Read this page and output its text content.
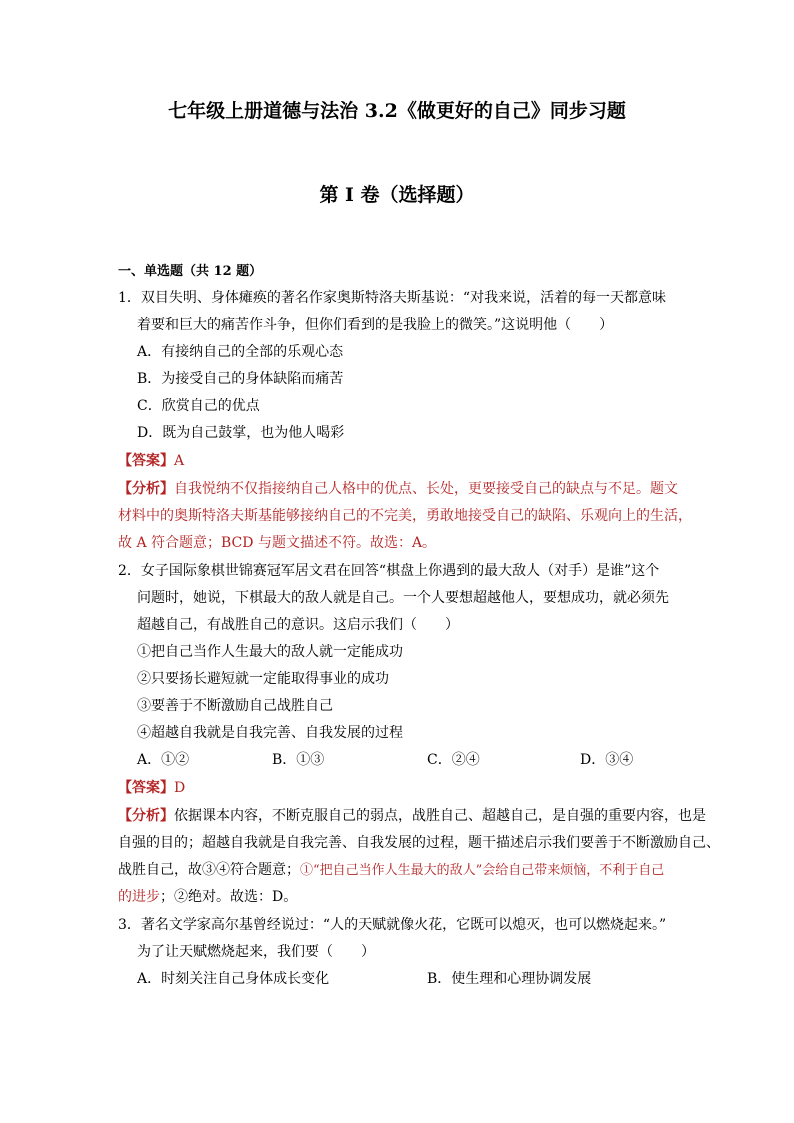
七年级上册道德与法治 3.2《做更好的自己》同步习题
第 I 卷（选择题）
一、单选题（共 12 题）
1．双目失明、身体瘫痪的著名作家奥斯特洛夫斯基说：“对我来说，活着的每一天都意味
着要和巨大的痛苦作斗争，但你们看到的是我脸上的微笑。”这说明他（　　）
A．有接纳自己的全部的乐观心态
B．为接受自己的身体缺陷而痛苦
C．欣赏自己的优点
D．既为自己鼓掌，也为他人喝彩
【答案】A
【分析】自我悦纳不仅指接纳自己人格中的优点、长处，更要接受自己的缺点与不足。题文
材料中的奥斯特洛夫斯基能够接纳自己的不完美，勇敢地接受自己的缺陷、乐观向上的生活，
故 A 符合题意；BCD 与题文描述不符。故选：A。
2．女子国际象棋世锦赛冠军居文君在回答“棋盘上你遇到的最大敌人（对手）是谁”这个
问题时，她说，下棋最大的敌人就是自己。一个人要想超越他人，要想成功，就必须先
超越自己，有战胜自己的意识。这启示我们（　　）
①把自己当作人生最大的敌人就一定能成功
②只要扬长避短就一定能取得事业的成功
③要善于不断激励自己战胜自己
④超越自我就是自我完善、自我发展的过程
A．①②	B．①③	C．②④	D．③④
【答案】D
【分析】依据课本内容，不断克服自己的弱点，战胜自己、超越自己，是自强的重要内容，也是
自强的目的；超越自我就是自我完善、自我发展的过程，题干描述启示我们要善于不断激励自己、
战胜自己，故③④符合题意；①“把自己当作人生最大的敌人”会给自己带来烦恼，不利于自己
的进步；②绝对。故选：D。
3．著名文学家高尔基曾经说过：“人的天赋就像火花，它既可以熄灭，也可以燃烧起来。”
为了让天赋燃烧起来，我们要（　　）
A．时刻关注自己身体成长变化	B．使生理和心理协调发展
